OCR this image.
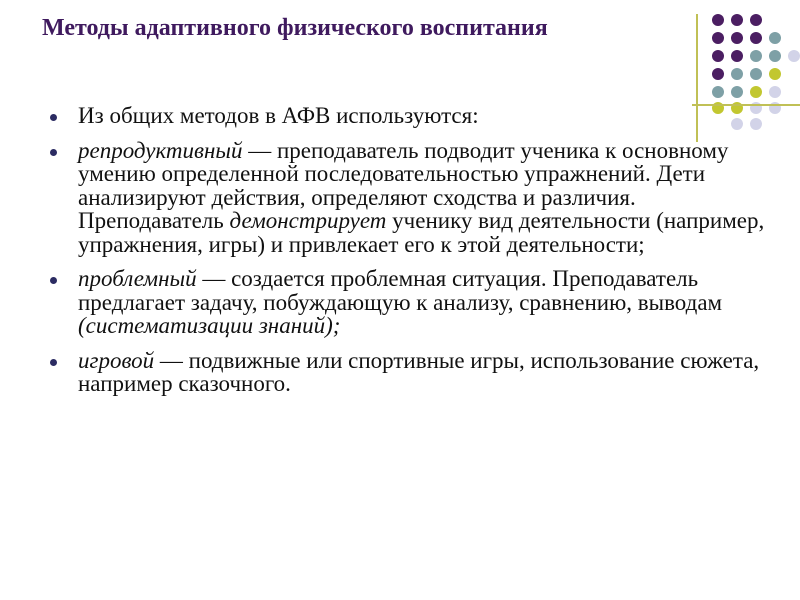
Методы адаптивного физического воспитания
Из общих методов в АФВ используются:
репродуктивный — преподаватель подводит ученика к основному умению определенной последовательностью упражнений. Дети анализируют действия, определяют сходства и различия. Преподаватель демонстрирует ученику вид деятельности (например, упражнения, игры) и привлекает его к этой деятельности;
проблемный — создается проблемная ситуация. Преподаватель предлагает задачу, побуждающую к анализу, сравнению, выводам (систематизации знаний);
игровой — подвижные или спортивные игры, использование сюжета, например сказочного.
